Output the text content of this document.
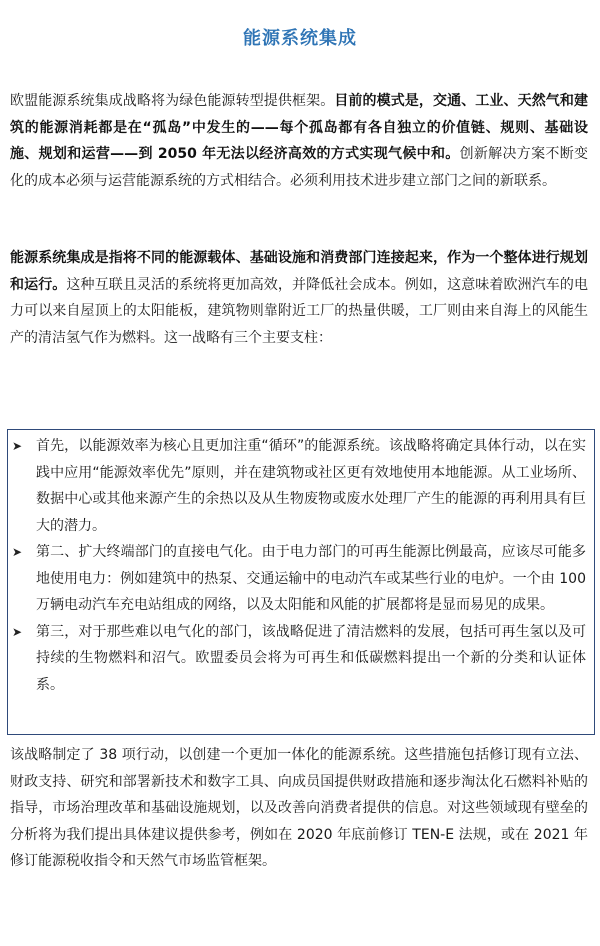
能源系统集成

欧盟能源系统集成战略将为绿色能源转型提供框架。目前的模式是，交通、工业、天然气和建筑的能源消耗都是在“孤岛”中发生的——每个孤岛都有各自独立的价值链、规则、基础设施、规划和运营——到 2050 年无法以经济高效的方式实现气候中和。创新解决方案不断变化的成本必须与运营能源系统的方式相结合。必须利用技术进步建立部门之间的新联系。

能源系统集成是指将不同的能源载体、基础设施和消费部门连接起来，作为一个整体进行规划和运行。这种互联且灵活的系统将更加高效，并降低社会成本。例如，这意味着欧洲汽车的电力可以来自屋顶上的太阳能板，建筑物则靠附近工厂的热量供暖，工厂则由来自海上的风能生产的清洁氢气作为燃料。这一战略有三个主要支柱：

➤ 首先，以能源效率为核心且更加注重“循环”的能源系统。该战略将确定具体行动，以在实践中应用“能源效率优先”原则，并在建筑物或社区更有效地使用本地能源。从工业场所、数据中心或其他来源产生的余热以及从生物废物或废水处理厂产生的能源的再利用具有巨大的潜力。
➤ 第二、扩大终端部门的直接电气化。由于电力部门的可再生能源比例最高，应该尽可能多地使用电力：例如建筑中的热泵、交通运输中的电动汽车或某些行业的电炉。一个由 100 万辆电动汽车充电站组成的网络，以及太阳能和风能的扩展都将是显而易见的成果。
➤ 第三，对于那些难以电气化的部门，该战略促进了清洁燃料的发展，包括可再生氢以及可持续的生物燃料和沼气。欧盟委员会将为可再生和低碳燃料提出一个新的分类和认证体系。

该战略制定了 38 项行动，以创建一个更加一体化的能源系统。这些措施包括修订现有立法、财政支持、研究和部署新技术和数字工具、向成员国提供财政措施和逐步淘汰化石燃料补贴的指导，市场治理改革和基础设施规划，以及改善向消费者提供的信息。对这些领域现有壁垒的分析将为我们提出具体建议提供参考，例如在 2020 年底前修订 TEN-E 法规，或在 2021 年修订能源税收指令和天然气市场监管框架。
